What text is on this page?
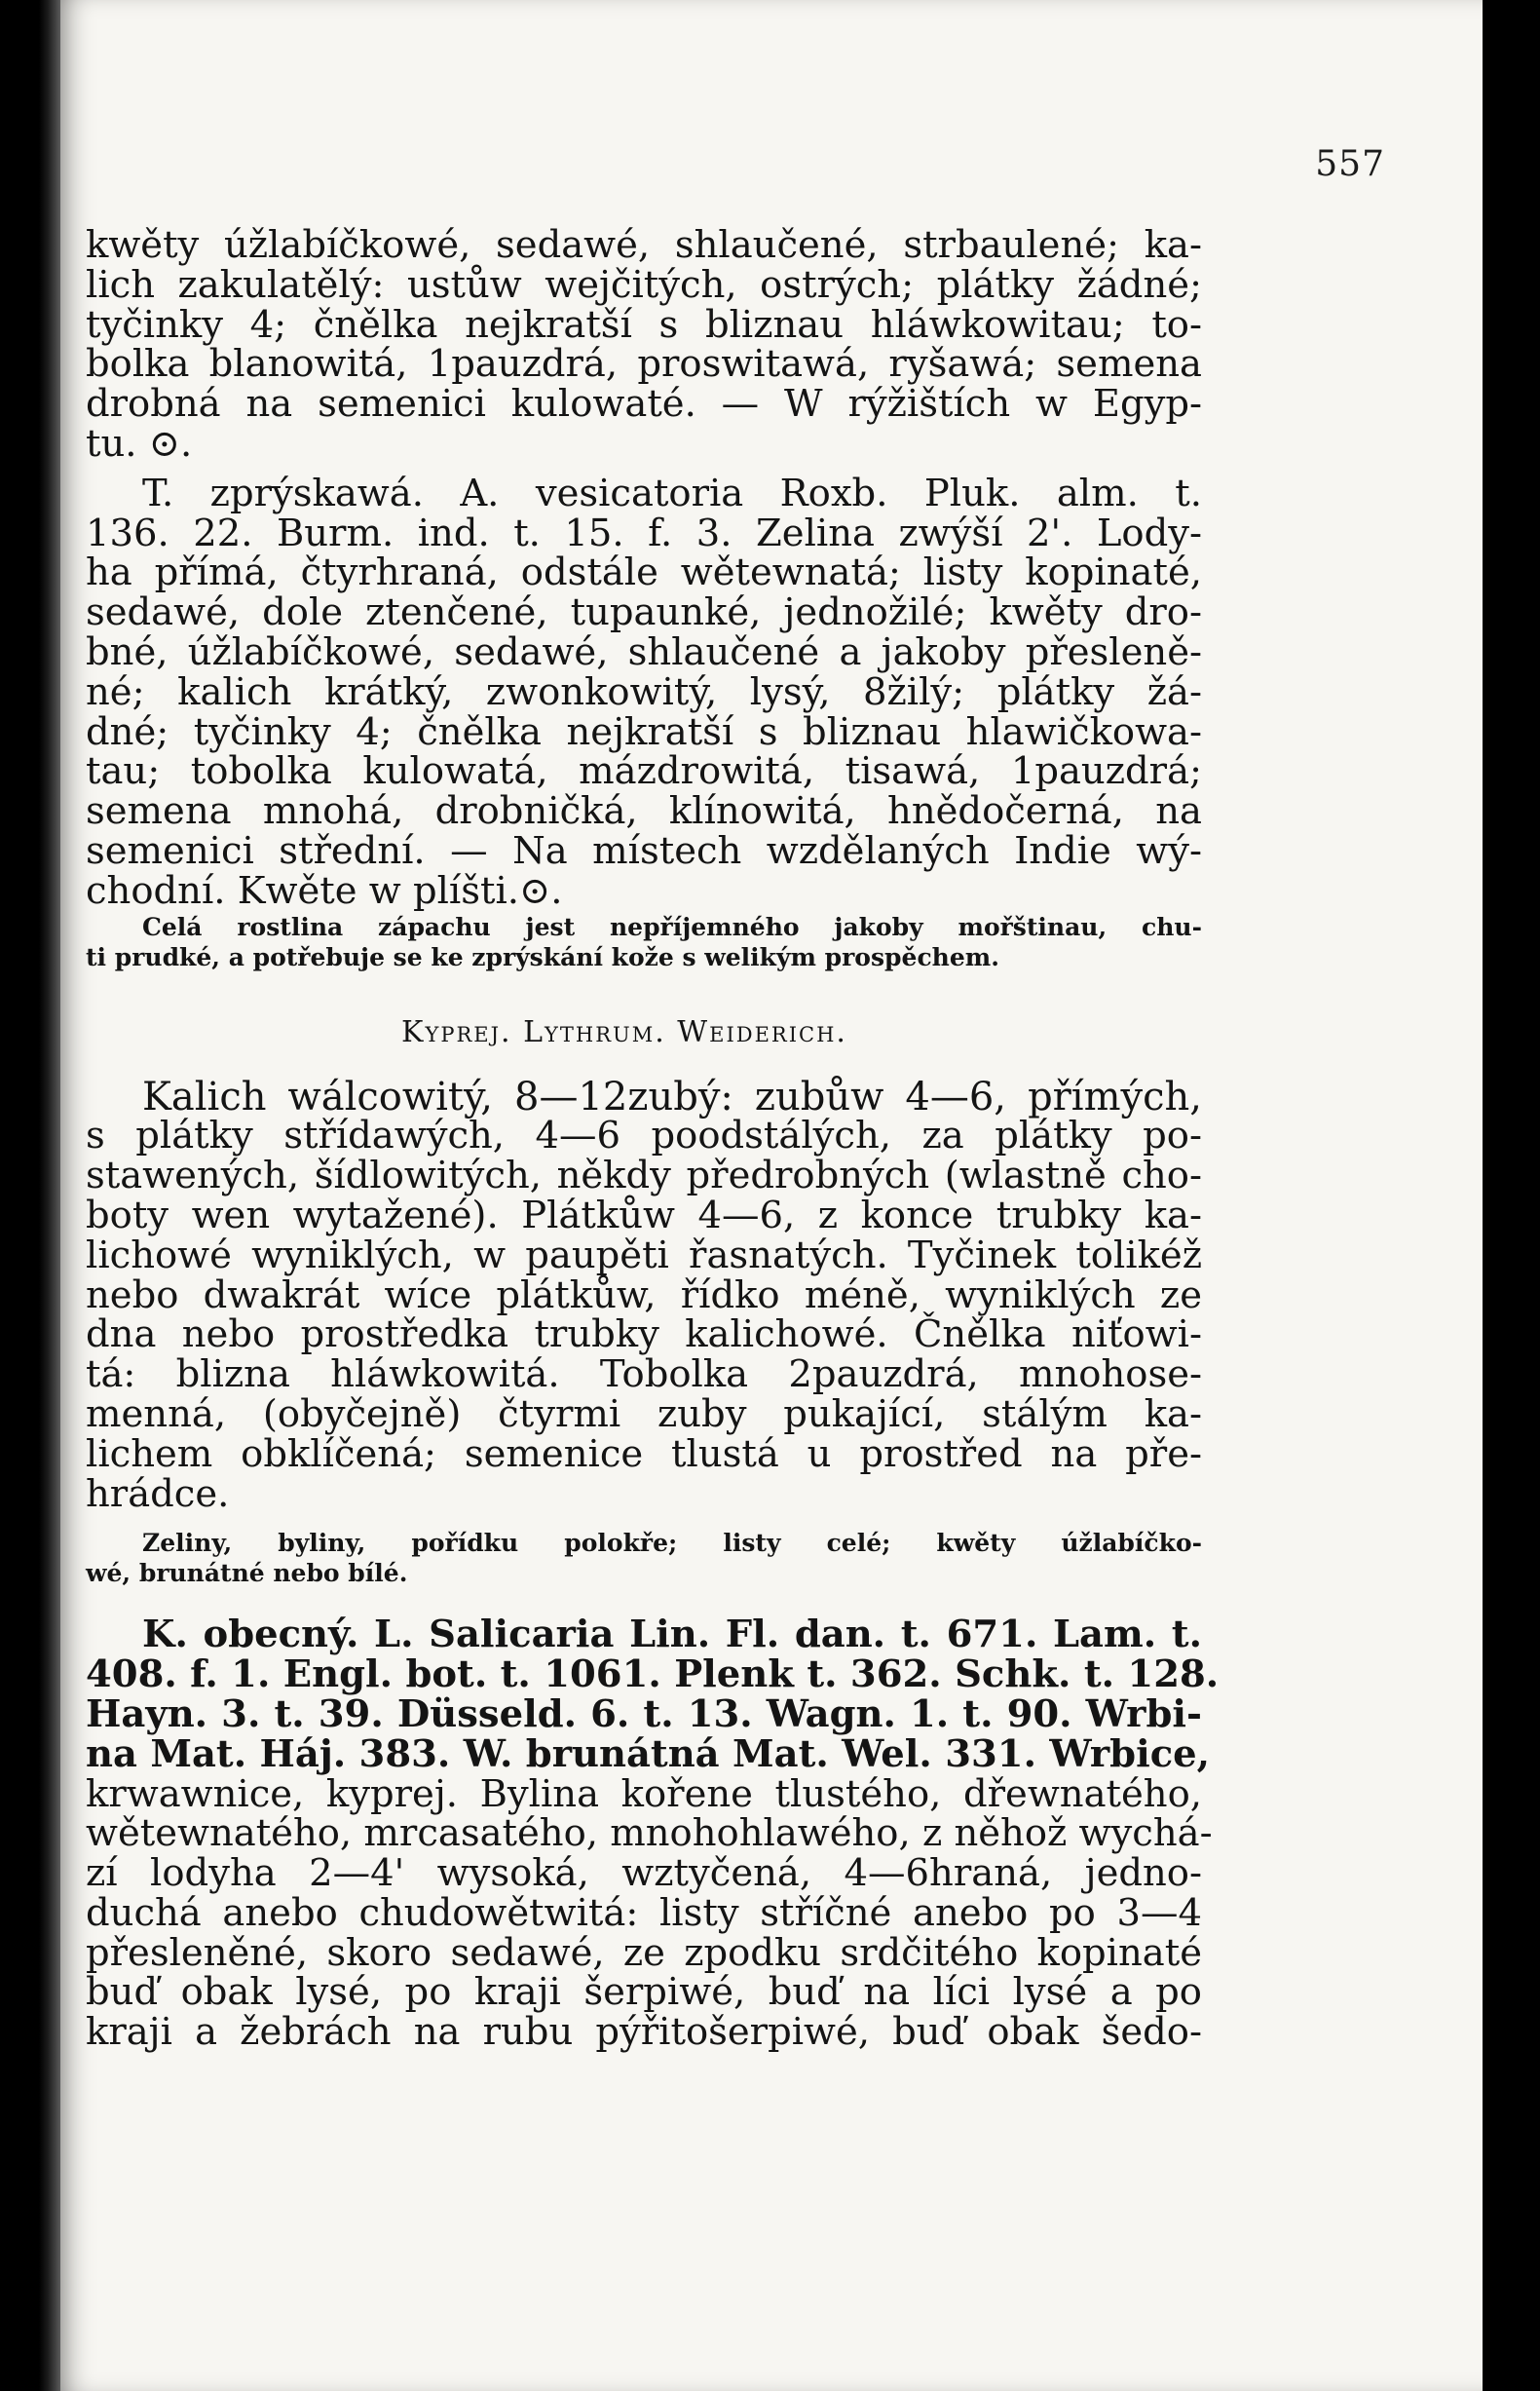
557
kwěty úžlabíčkowé, sedawé, shlaučené, strbaulené; ka-
lich zakulatělý: ustůw wejčitých, ostrých; plátky žádné;
tyčinky 4; čnělka nejkratší s bliznau hláwkowitau; to-
bolka blanowitá, 1pauzdrá, proswitawá, ryšawá; semena
drobná na semenici kulowaté. — W rýžištích w Egyp-
tu. ⊙.
T. zprýskawá. A. vesicatoria Roxb. Pluk. alm. t.
136. 22. Burm. ind. t. 15. f. 3. Zelina zwýší 2'. Lody-
ha přímá, čtyrhraná, odstále wětewnatá; listy kopinaté,
sedawé, dole ztenčené, tupaunké, jednožilé; kwěty dro-
bné, úžlabíčkowé, sedawé, shlaučené a jakoby přesleně-
né; kalich krátký, zwonkowitý, lysý, 8žilý; plátky žá-
dné; tyčinky 4; čnělka nejkratší s bliznau hlawičkowa-
tau; tobolka kulowatá, mázdrowitá, tisawá, 1pauzdrá;
semena mnohá, drobničká, klínowitá, hnědočerná, na
semenici střední. — Na místech wzdělaných Indie wý-
chodní. Kwěte w plíšti.⊙.
Celá rostlina zápachu jest nepříjemného jakoby mořštinau, chu-
ti prudké, a potřebuje se ke zprýskání kože s welikým prospěchem.
Kyprej. Lythrum. Weiderich.
Kalich wálcowitý, 8—12zubý: zubůw 4—6, přímých,
s plátky střídawých, 4—6 poodstálých, za plátky po-
stawených, šídlowitých, někdy předrobných (wlastně cho-
boty wen wytažené). Plátkůw 4—6, z konce trubky ka-
lichowé wyniklých, w paupěti řasnatých. Tyčinek tolikéž
nebo dwakrát wíce plátkůw, řídko méně, wyniklých ze
dna nebo prostředka trubky kalichowé. Čnělka niťowi-
tá: blizna hláwkowitá. Tobolka 2pauzdrá, mnohose-
menná, (obyčejně) čtyrmi zuby pukající, stálým ka-
lichem obklíčená; semenice tlustá u prostřed na pře-
hrádce.
Zeliny, byliny, pořídku polokře; listy celé; kwěty úžlabíčko-
wé, brunátné nebo bílé.
K. obecný. L. Salicaria Lin. Fl. dan. t. 671. Lam. t.
408. f. 1. Engl. bot. t. 1061. Plenk t. 362. Schk. t. 128.
Hayn. 3. t. 39. Düsseld. 6. t. 13. Wagn. 1. t. 90. Wrbi-
na Mat. Háj. 383. W. brunátná Mat. Wel. 331. Wrbice,
krwawnice, kyprej. Bylina kořene tlustého, dřewnatého,
wětewnatého, mrcasatého, mnohohlawého, z něhož wychá-
zí lodyha 2—4' wysoká, wztyčená, 4—6hraná, jedno-
duchá anebo chudowětwitá: listy stříčné anebo po 3—4
přesleněné, skoro sedawé, ze zpodku srdčitého kopinaté
buď obak lysé, po kraji šerpiwé, buď na líci lysé a po
kraji a žebrách na rubu pýřitošerpiwé, buď obak šedo-
